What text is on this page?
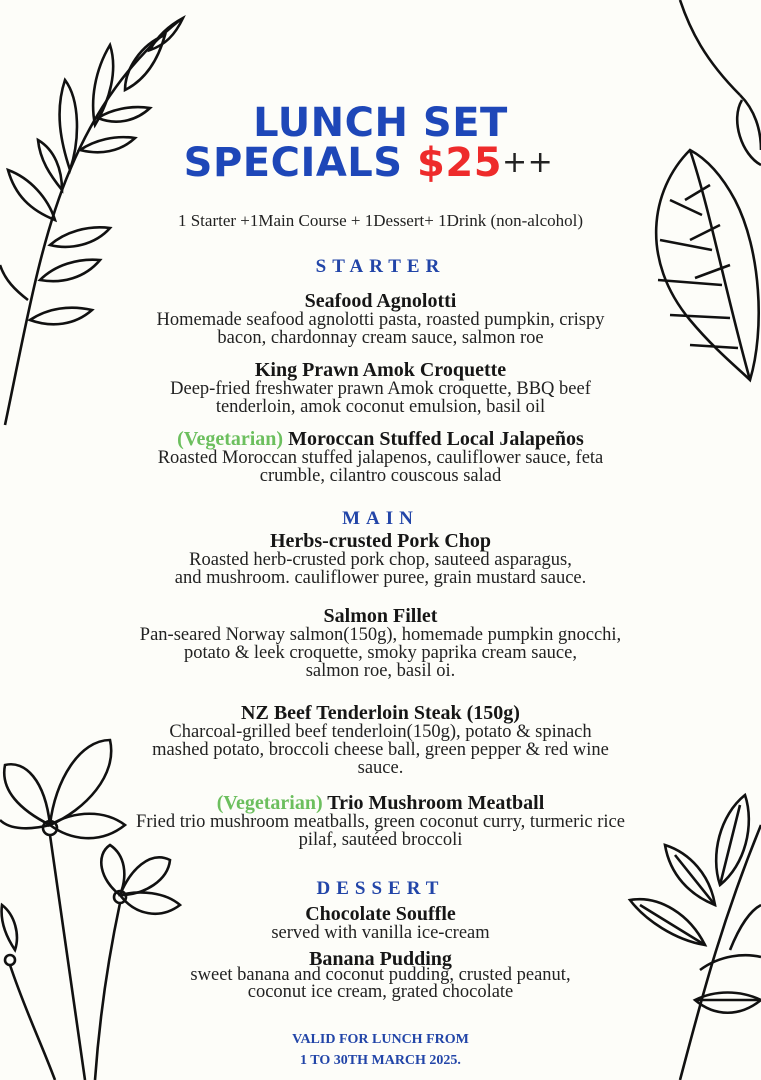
LUNCH SET
SPECIALS $25++
1 Starter +1Main Course + 1Dessert+ 1Drink (non-alcohol)
STARTER
Seafood Agnolotti
Homemade seafood agnolotti pasta, roasted pumpkin, crispy
bacon, chardonnay cream sauce, salmon roe
King Prawn Amok Croquette
Deep-fried freshwater prawn Amok croquette, BBQ beef
tenderloin, amok coconut emulsion, basil oil
(Vegetarian) Moroccan Stuffed Local Jalapeños
Roasted Moroccan stuffed jalapenos, cauliflower sauce, feta
crumble, cilantro couscous salad
MAIN
Herbs-crusted Pork Chop
Roasted herb-crusted pork chop, sauteed asparagus,
and mushroom. cauliflower puree, grain mustard sauce.
Salmon Fillet
Pan-seared Norway salmon(150g), homemade pumpkin gnocchi,
potato & leek croquette, smoky paprika cream sauce,
salmon roe, basil oi.
NZ Beef Tenderloin Steak (150g)
Charcoal-grilled beef tenderloin(150g), potato & spinach
mashed potato, broccoli cheese ball, green pepper & red wine
sauce.
(Vegetarian) Trio Mushroom Meatball
Fried trio mushroom meatballs, green coconut curry, turmeric rice
pilaf, sautéed broccoli
DESSERT
Chocolate Souffle
served with vanilla ice-cream
Banana Pudding
sweet banana and coconut pudding, crusted peanut,
coconut ice cream, grated chocolate
VALID FOR LUNCH FROM
1 TO 30TH MARCH 2025.
